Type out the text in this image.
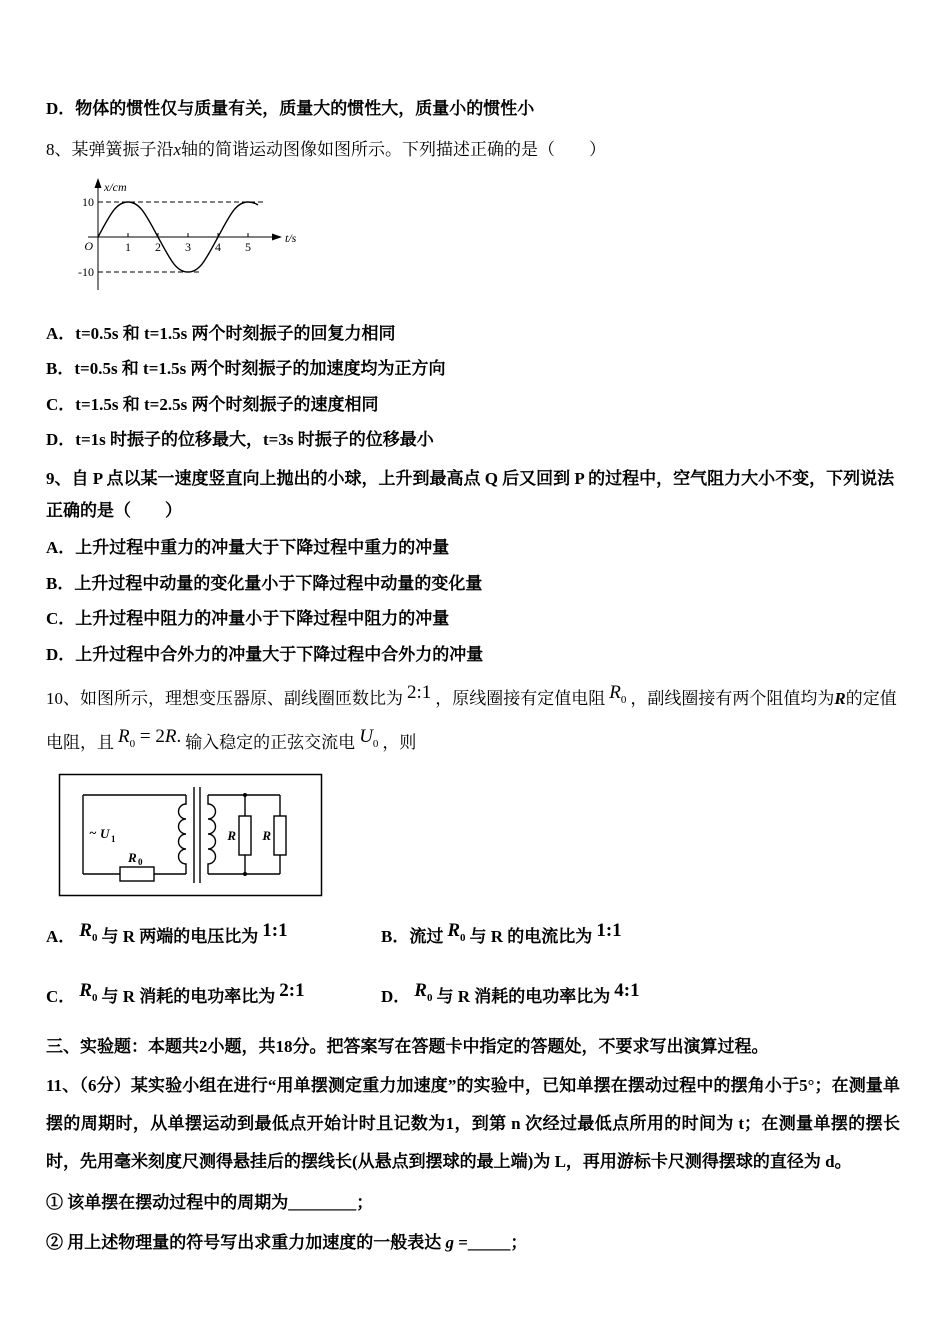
D．物体的惯性仅与质量有关，质量大的惯性大，质量小的惯性小

8、某弹簧振子沿x轴的简谐运动图像如图所示。下列描述正确的是（　　）

x/cm
t/s
10
-10
O	1 2 3 4 5
A．t=0.5s 和 t=1.5s 两个时刻振子的回复力相同
B．t=0.5s 和 t=1.5s 两个时刻振子的加速度均为正方向
C．t=1.5s 和 t=2.5s 两个时刻振子的速度相同
D．t=1s 时振子的位移最大，t=3s 时振子的位移最小

9、自 P 点以某一速度竖直向上抛出的小球，上升到最高点 Q 后又回到 P 的过程中，空气阻力大小不变，下列说法正确的是（　　）

A．上升过程中重力的冲量大于下降过程中重力的冲量
B．上升过程中动量的变化量小于下降过程中动量的变化量
C．上升过程中阻力的冲量小于下降过程中阻力的冲量
D．上升过程中合外力的冲量大于下降过程中合外力的冲量

10、如图所示，理想变压器原、副线圈匝数比为 2:1 ，原线圈接有定值电阻 $R_0$ ，副线圈接有两个阻值均为R的定值电阻，且 $R_0 = 2R$. 输入稳定的正弦交流电 $U_0$ ，则

~ U 1
R 0
R R
A． $R_0$ 与 R 两端的电压比为 1:1	B．流过 $R_0$ 与 R 的电流比为 1:1
C． $R_0$ 与 R 消耗的电功率比为 2:1	D． $R_0$ 与 R 消耗的电功率比为 4:1

三、实验题：本题共2小题，共18分。把答案写在答题卡中指定的答题处，不要求写出演算过程。

11、（6分）某实验小组在进行“用单摆测定重力加速度”的实验中，已知单摆在摆动过程中的摆角小于5°；在测量单摆的周期时，从单摆运动到最低点开始计时且记数为1，到第 n 次经过最低点所用的时间为 t；在测量单摆的摆长时，先用毫米刻度尺测得悬挂后的摆线长(从悬点到摆球的最上端)为 L，再用游标卡尺测得摆球的直径为 d。

① 该单摆在摆动过程中的周期为________；

② 用上述物理量的符号写出求重力加速度的一般表达 g =_____；
